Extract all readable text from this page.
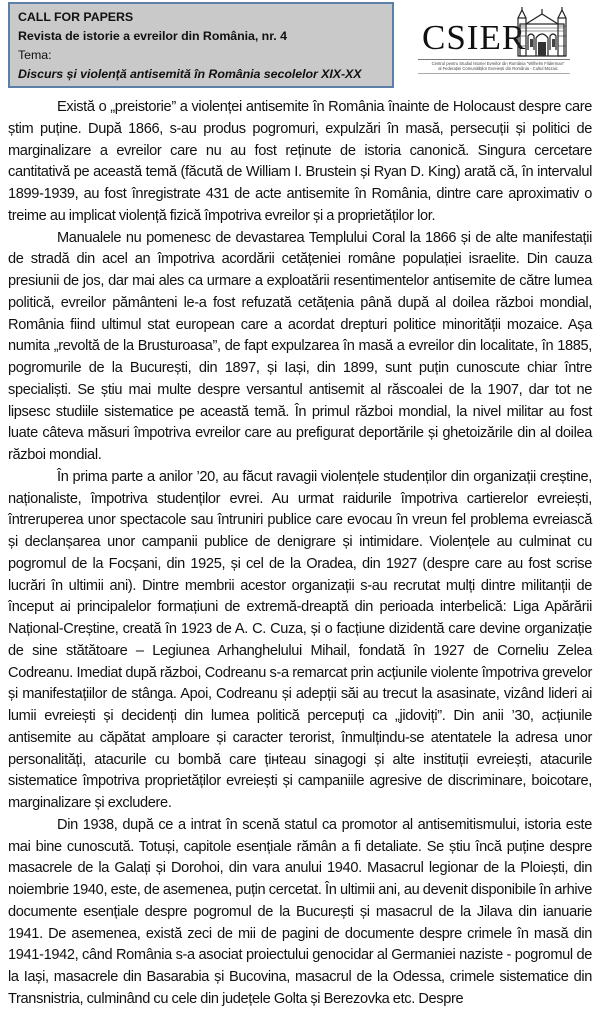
CALL FOR PAPERS
Revista de istorie a evreilor din România, nr. 4
Tema:
Discurs și violență antisemită în România secolelor XIX-XX
CSIER
Centrul pentru Studiul Istoriei Evreilor din România "Wilhelm Filderman"
al Federației Comunităților Evreiești din România - Cultul Mozaic

Există o „preistorie” a violenței antisemite în România înainte de Holocaust despre care știm puține. După 1866, s-au produs pogromuri, expulzări în masă, persecuții și politici de marginalizare a evreilor care nu au fost reținute de istoria canonică. Singura cercetare cantitativă pe această temă (făcută de William I. Brustein și Ryan D. King) arată că, în intervalul 1899-1939, au fost înregistrate 431 de acte antisemite în România, dintre care aproximativ o treime au implicat violență fizică împotriva evreilor și a proprietăților lor.

Manualele nu pomenesc de devastarea Templului Coral la 1866 și de alte manifestații de stradă din acel an împotriva acordării cetățeniei române populației israelite. Din cauza presiunii de jos, dar mai ales ca urmare a exploatării resentimentelor antisemite de către lumea politică, evreilor pământeni le-a fost refuzată cetățenia până după al doilea război mondial, România fiind ultimul stat european care a acordat drepturi politice minorității mozaice. Așa numita „revoltă de la Brusturoasa”, de fapt expulzarea în masă a evreilor din localitate, în 1885, pogromurile de la București, din 1897, și Iași, din 1899, sunt puțin cunoscute chiar între specialiști. Se știu mai multe despre versantul antisemit al răscoalei de la 1907, dar tot ne lipsesc studiile sistematice pe această temă. În primul război mondial, la nivel militar au fost luate câteva măsuri împotriva evreilor care au prefigurat deportările și ghetoizările din al doilea război mondial.

În prima parte a anilor ’20, au făcut ravagii violențele studenților din organizații creștine, naționaliste, împotriva studenților evrei. Au urmat raidurile împotriva cartierelor evreiești, întreruperea unor spectacole sau întruniri publice care evocau în vreun fel problema evreiască și declanșarea unor campanii publice de denigrare și intimidare. Violențele au culminat cu pogromul de la Focșani, din 1925, și cel de la Oradea, din 1927 (despre care au fost scrise lucrări în ultimii ani). Dintre membrii acestor organizații s-au recrutat mulți dintre militanții de început ai principalelor formațiuni de extremă-dreaptă din perioada interbelică: Liga Apărării Național-Creștine, creată în 1923 de A. C. Cuza, și o facțiune dizidentă care devine organizație de sine stătătoare – Legiunea Arhanghelului Mihail, fondată în 1927 de Corneliu Zelea Codreanu. Imediat după război, Codreanu s-a remarcat prin acțiunile violente împotriva grevelor și manifestațiilor de stânga. Apoi, Codreanu și adepții săi au trecut la asasinate, vizând lideri ai lumii evreiești și decidenți din lumea politică percepuți ca „jidoviți”. Din anii ’30, acțiunile antisemite au căpătat amploare și caracter terorist, înmulțindu-se atentatele la adresa unor personalități, atacurile cu bombă care țінteau sinagogi și alte instituții evreiești, atacurile sistematice împotriva proprietăților evreiești și campaniile agresive de discriminare, boicotare, marginalizare și excludere.

Din 1938, după ce a intrat în scenă statul ca promotor al antisemitismului, istoria este mai bine cunoscută. Totuși, capitole esențiale rămân a fi detaliate. Se știu încă puține despre masacrele de la Galați și Dorohoi, din vara anului 1940. Masacrul legionar de la Ploiești, din noiembrie 1940, este, de asemenea, puțin cercetat. În ultimii ani, au devenit disponibile în arhive documente esențiale despre pogromul de la București și masacrul de la Jilava din ianuarie 1941. De asemenea, există zeci de mii de pagini de documente despre crimele în masă din 1941-1942, când România s-a asociat proiectului genocidar al Germaniei naziste - pogromul de la Iași, masacrele din Basarabia și Bucovina, masacrul de la Odessa, crimele sistematice din Transnistria, culminând cu cele din județele Golta și Berezovka etc. Despre
